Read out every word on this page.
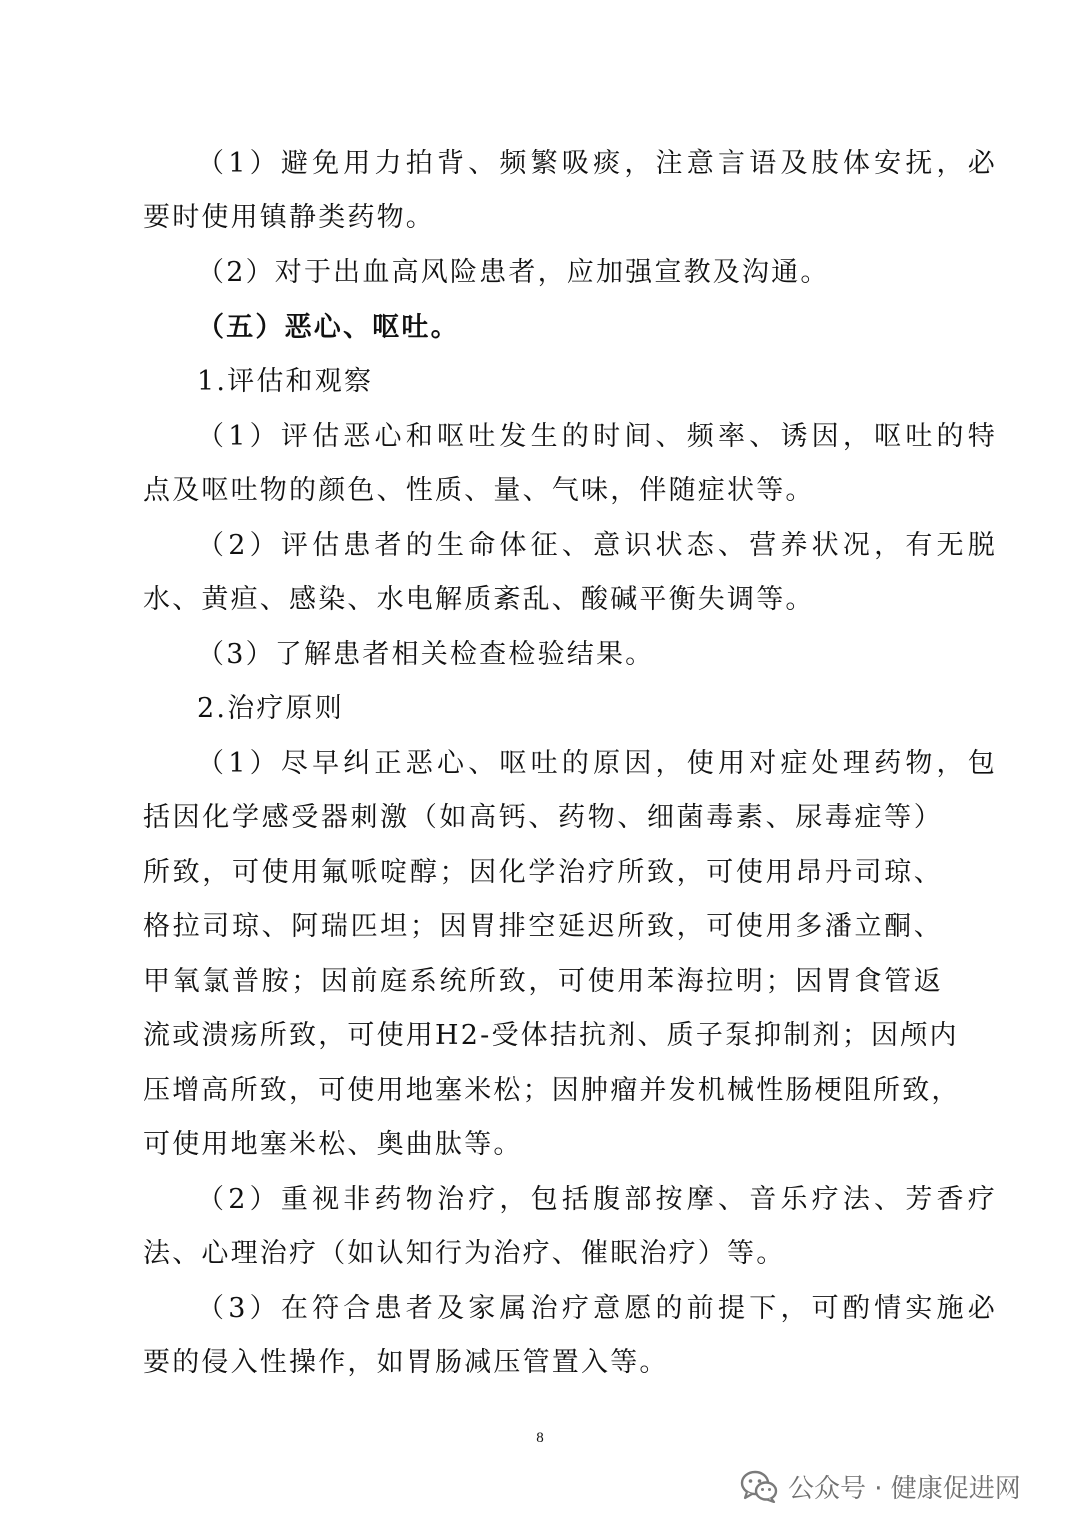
（1）避免用力拍背、频繁吸痰，注意言语及肢体安抚，必
要时使用镇静类药物。
（2）对于出血高风险患者，应加强宣教及沟通。
（五）恶心、呕吐。
1.评估和观察
（1）评估恶心和呕吐发生的时间、频率、诱因，呕吐的特
点及呕吐物的颜色、性质、量、气味，伴随症状等。
（2）评估患者的生命体征、意识状态、营养状况，有无脱
水、黄疸、感染、水电解质紊乱、酸碱平衡失调等。
（3）了解患者相关检查检验结果。
2.治疗原则
（1）尽早纠正恶心、呕吐的原因，使用对症处理药物，包
括因化学感受器刺激（如高钙、药物、细菌毒素、尿毒症等）
所致，可使用氟哌啶醇；因化学治疗所致，可使用昂丹司琼、
格拉司琼、阿瑞匹坦；因胃排空延迟所致，可使用多潘立酮、
甲氧氯普胺；因前庭系统所致，可使用苯海拉明；因胃食管返
流或溃疡所致，可使用H2-受体拮抗剂、质子泵抑制剂；因颅内
压增高所致，可使用地塞米松；因肿瘤并发机械性肠梗阻所致，
可使用地塞米松、奥曲肽等。
（2）重视非药物治疗，包括腹部按摩、音乐疗法、芳香疗
法、心理治疗（如认知行为治疗、催眠治疗）等。
（3）在符合患者及家属治疗意愿的前提下，可酌情实施必
要的侵入性操作，如胃肠减压管置入等。
8
公众号 · 健康促进网
